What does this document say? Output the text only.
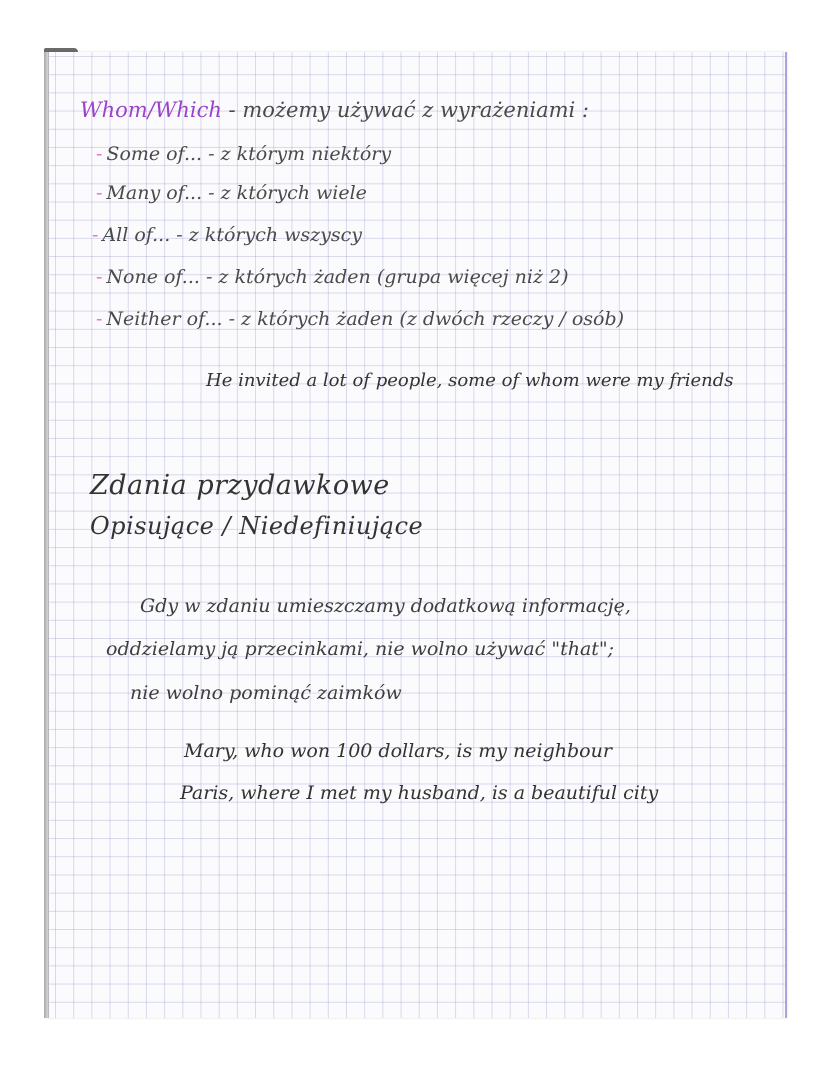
Whom/Which - możemy używać z wyrażeniami :
- Some of... - z którym niektóry
- Many of... - z których wiele
- All of... - z których wszyscy
- None of... - z których żaden (grupa więcej niż 2)
- Neither of... - z których żaden (z dwóch rzeczy / osób)
He invited a lot of people, some of whom were my friends
Zdania przydawkowe
Opisujące / Niedefiniujące
Gdy w zdaniu umieszczamy dodatkową informację,
oddzielamy ją przecinkami, nie wolno używać "that";
nie wolno pominąć zaimków
Mary, who won 100 dollars, is my neighbour
Paris, where I met my husband, is a beautiful city
